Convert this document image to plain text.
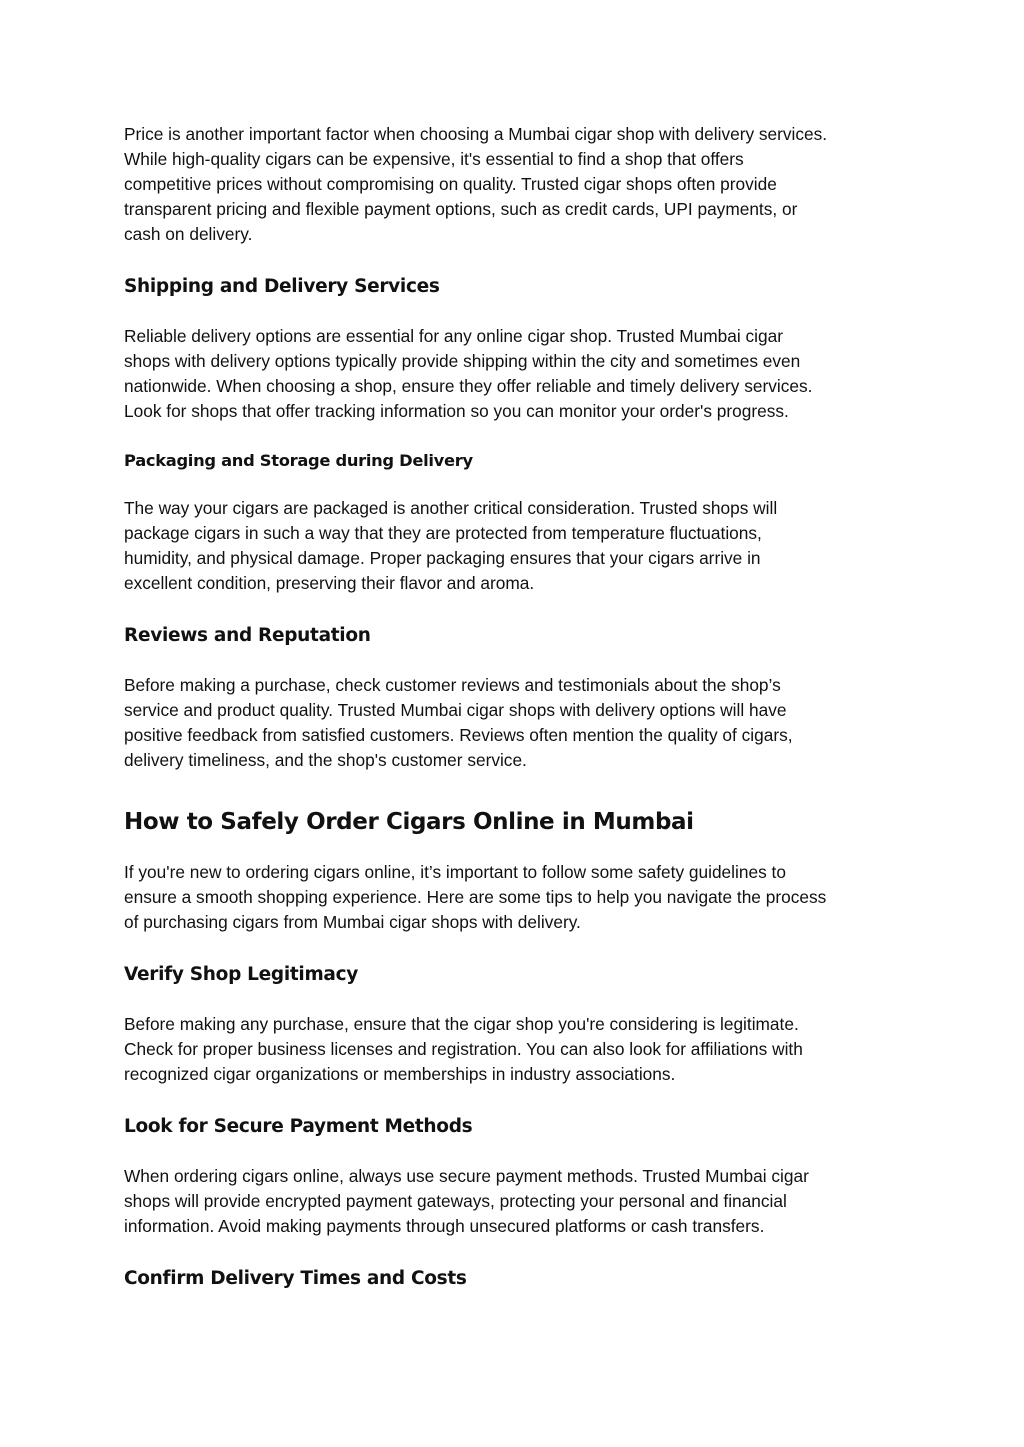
Price is another important factor when choosing a Mumbai cigar shop with delivery services.
While high-quality cigars can be expensive, it's essential to find a shop that offers
competitive prices without compromising on quality. Trusted cigar shops often provide
transparent pricing and flexible payment options, such as credit cards, UPI payments, or
cash on delivery.

Shipping and Delivery Services

Reliable delivery options are essential for any online cigar shop. Trusted Mumbai cigar
shops with delivery options typically provide shipping within the city and sometimes even
nationwide. When choosing a shop, ensure they offer reliable and timely delivery services.
Look for shops that offer tracking information so you can monitor your order's progress.

Packaging and Storage during Delivery

The way your cigars are packaged is another critical consideration. Trusted shops will
package cigars in such a way that they are protected from temperature fluctuations,
humidity, and physical damage. Proper packaging ensures that your cigars arrive in
excellent condition, preserving their flavor and aroma.

Reviews and Reputation

Before making a purchase, check customer reviews and testimonials about the shop’s
service and product quality. Trusted Mumbai cigar shops with delivery options will have
positive feedback from satisfied customers. Reviews often mention the quality of cigars,
delivery timeliness, and the shop's customer service.

How to Safely Order Cigars Online in Mumbai

If you're new to ordering cigars online, it’s important to follow some safety guidelines to
ensure a smooth shopping experience. Here are some tips to help you navigate the process
of purchasing cigars from Mumbai cigar shops with delivery.

Verify Shop Legitimacy

Before making any purchase, ensure that the cigar shop you're considering is legitimate.
Check for proper business licenses and registration. You can also look for affiliations with
recognized cigar organizations or memberships in industry associations.

Look for Secure Payment Methods

When ordering cigars online, always use secure payment methods. Trusted Mumbai cigar
shops will provide encrypted payment gateways, protecting your personal and financial
information. Avoid making payments through unsecured platforms or cash transfers.

Confirm Delivery Times and Costs
